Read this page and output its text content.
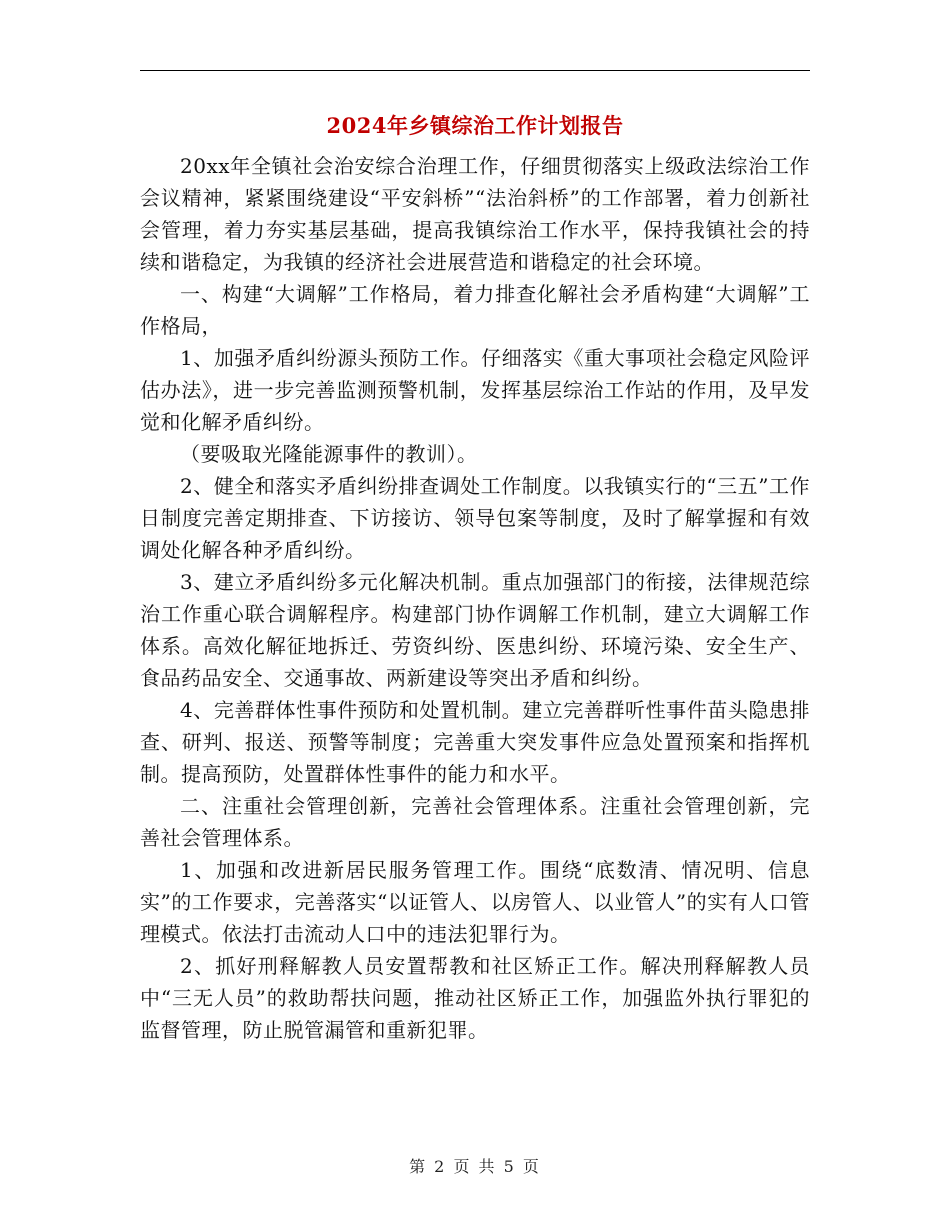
2024年乡镇综治工作计划报告

20xx年全镇社会治安综合治理工作，仔细贯彻落实上级政法综治工作会议精神，紧紧围绕建设“平安斜桥”“法治斜桥”的工作部署，着力创新社会管理，着力夯实基层基础，提高我镇综治工作水平，保持我镇社会的持续和谐稳定，为我镇的经济社会进展营造和谐稳定的社会环境。

一、构建“大调解”工作格局，着力排查化解社会矛盾构建“大调解”工作格局，

1、加强矛盾纠纷源头预防工作。仔细落实《重大事项社会稳定风险评估办法》，进一步完善监测预警机制，发挥基层综治工作站的作用，及早发觉和化解矛盾纠纷。

（要吸取光隆能源事件的教训）。

2、健全和落实矛盾纠纷排查调处工作制度。以我镇实行的“三五”工作日制度完善定期排查、下访接访、领导包案等制度，及时了解掌握和有效调处化解各种矛盾纠纷。

3、建立矛盾纠纷多元化解决机制。重点加强部门的衔接，法律规范综治工作重心联合调解程序。构建部门协作调解工作机制，建立大调解工作体系。高效化解征地拆迁、劳资纠纷、医患纠纷、环境污染、安全生产、食品药品安全、交通事故、两新建设等突出矛盾和纠纷。

4、完善群体性事件预防和处置机制。建立完善群听性事件苗头隐患排查、研判、报送、预警等制度；完善重大突发事件应急处置预案和指挥机制。提高预防，处置群体性事件的能力和水平。

二、注重社会管理创新，完善社会管理体系。注重社会管理创新，完善社会管理体系。

1、加强和改进新居民服务管理工作。围绕“底数清、情况明、信息实”的工作要求，完善落实“以证管人、以房管人、以业管人”的实有人口管理模式。依法打击流动人口中的违法犯罪行为。

2、抓好刑释解教人员安置帮教和社区矫正工作。解决刑释解教人员中“三无人员”的救助帮扶问题，推动社区矫正工作，加强监外执行罪犯的监督管理，防止脱管漏管和重新犯罪。

第 2 页 共 5 页
